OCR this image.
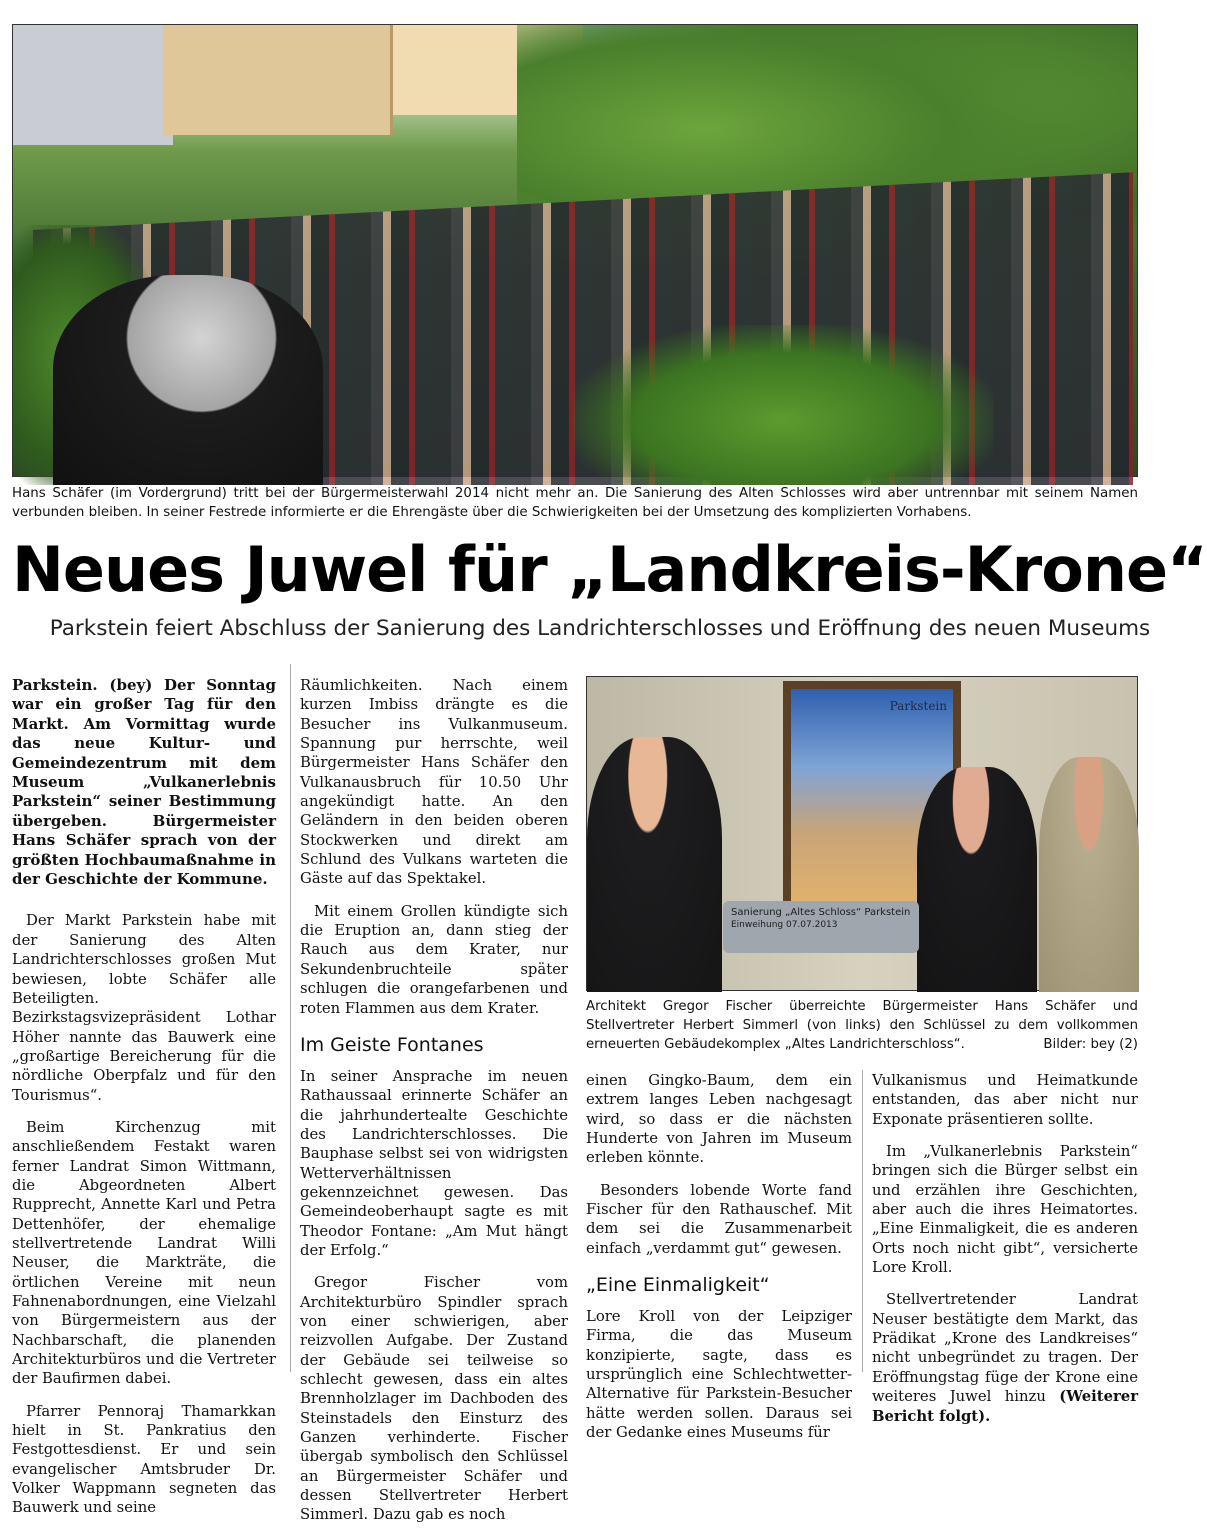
Hans Schäfer (im Vordergrund) tritt bei der Bürgermeisterwahl 2014 nicht mehr an. Die Sanierung des Alten Schlosses wird aber untrennbar mit seinem Namen verbunden bleiben. In seiner Festrede informierte er die Ehrengäste über die Schwierigkeiten bei der Umsetzung des komplizierten Vorhabens.
Neues Juwel für „Landkreis-Krone“
Parkstein feiert Abschluss der Sanierung des Landrichterschlosses und Eröffnung des neuen Museums

Parkstein. (bey) Der Sonntag war ein großer Tag für den Markt. Am Vormittag wurde das neue Kultur- und Gemeindezentrum mit dem Museum „Vulkanerlebnis Parkstein“ seiner Bestimmung übergeben. Bürgermeister Hans Schäfer sprach von der größten Hochbaumaßnahme in der Geschichte der Kommune.

Der Markt Parkstein habe mit der Sanierung des Alten Landrichterschlosses großen Mut bewiesen, lobte Schäfer alle Beteiligten. Bezirkstagsvizepräsident Lothar Höher nannte das Bauwerk eine „großartige Bereicherung für die nördliche Oberpfalz und für den Tourismus“.

Beim Kirchenzug mit anschließendem Festakt waren ferner Landrat Simon Wittmann, die Abgeordneten Albert Rupprecht, Annette Karl und Petra Dettenhöfer, der ehemalige stellvertretende Landrat Willi Neuser, die Markträte, die örtlichen Vereine mit neun Fahnenabordnungen, eine Vielzahl von Bürgermeistern aus der Nachbarschaft, die planenden Architekturbüros und die Vertreter der Baufirmen dabei.

Pfarrer Pennoraj Thamarkkan hielt in St. Pankratius den Festgottesdienst. Er und sein evangelischer Amtsbruder Dr. Volker Wappmann segneten das Bauwerk und seine

Räumlichkeiten. Nach einem kurzen Imbiss drängte es die Besucher ins Vulkanmuseum. Spannung pur herrschte, weil Bürgermeister Hans Schäfer den Vulkanausbruch für 10.50 Uhr angekündigt hatte. An den Geländern in den beiden oberen Stockwerken und direkt am Schlund des Vulkans warteten die Gäste auf das Spektakel.

Mit einem Grollen kündigte sich die Eruption an, dann stieg der Rauch aus dem Krater, nur Sekundenbruchteile später schlugen die orangefarbenen und roten Flammen aus dem Krater.

Im Geiste Fontanes

In seiner Ansprache im neuen Rathaussaal erinnerte Schäfer an die jahrhundertealte Geschichte des Landrichterschlosses. Die Bauphase selbst sei von widrigsten Wetterverhältnissen gekennzeichnet gewesen. Das Gemeindeoberhaupt sagte es mit Theodor Fontane: „Am Mut hängt der Erfolg.“

Gregor Fischer vom Architekturbüro Spindler sprach von einer schwierigen, aber reizvollen Aufgabe. Der Zustand der Gebäude sei teilweise so schlecht gewesen, dass ein altes Brennholzlager im Dachboden des Steinstadels den Einsturz des Ganzen verhinderte. Fischer übergab symbolisch den Schlüssel an Bürgermeister Schäfer und dessen Stellvertreter Herbert Simmerl. Dazu gab es noch

Parkstein
Sanierung „Altes Schloss“ Parkstein
Einweihung 07.07.2013
Architekt Gregor Fischer überreichte Bürgermeister Hans Schäfer und Stellvertreter Herbert Simmerl (von links) den Schlüssel zu dem vollkommen erneuerten Gebäudekomplex „Altes Landrichterschloss“.	Bilder: bey (2)

einen Gingko-Baum, dem ein extrem langes Leben nachgesagt wird, so dass er die nächsten Hunderte von Jahren im Museum erleben könnte.

Besonders lobende Worte fand Fischer für den Rathauschef. Mit dem sei die Zusammenarbeit einfach „verdammt gut“ gewesen.

„Eine Einmaligkeit“

Lore Kroll von der Leipziger Firma, die das Museum konzipierte, sagte, dass es ursprünglich eine Schlechtwetter-Alternative für Parkstein-Besucher hätte werden sollen. Daraus sei der Gedanke eines Museums für

Vulkanismus und Heimatkunde entstanden, das aber nicht nur Exponate präsentieren sollte.

Im „Vulkanerlebnis Parkstein“ bringen sich die Bürger selbst ein und erzählen ihre Geschichten, aber auch die ihres Heimatortes. „Eine Einmaligkeit, die es anderen Orts noch nicht gibt“, versicherte Lore Kroll.

Stellvertretender Landrat Neuser bestätigte dem Markt, das Prädikat „Krone des Landkreises“ nicht unbegründet zu tragen. Der Eröffnungstag füge der Krone eine weiteres Juwel hinzu (Weiterer Bericht folgt).
